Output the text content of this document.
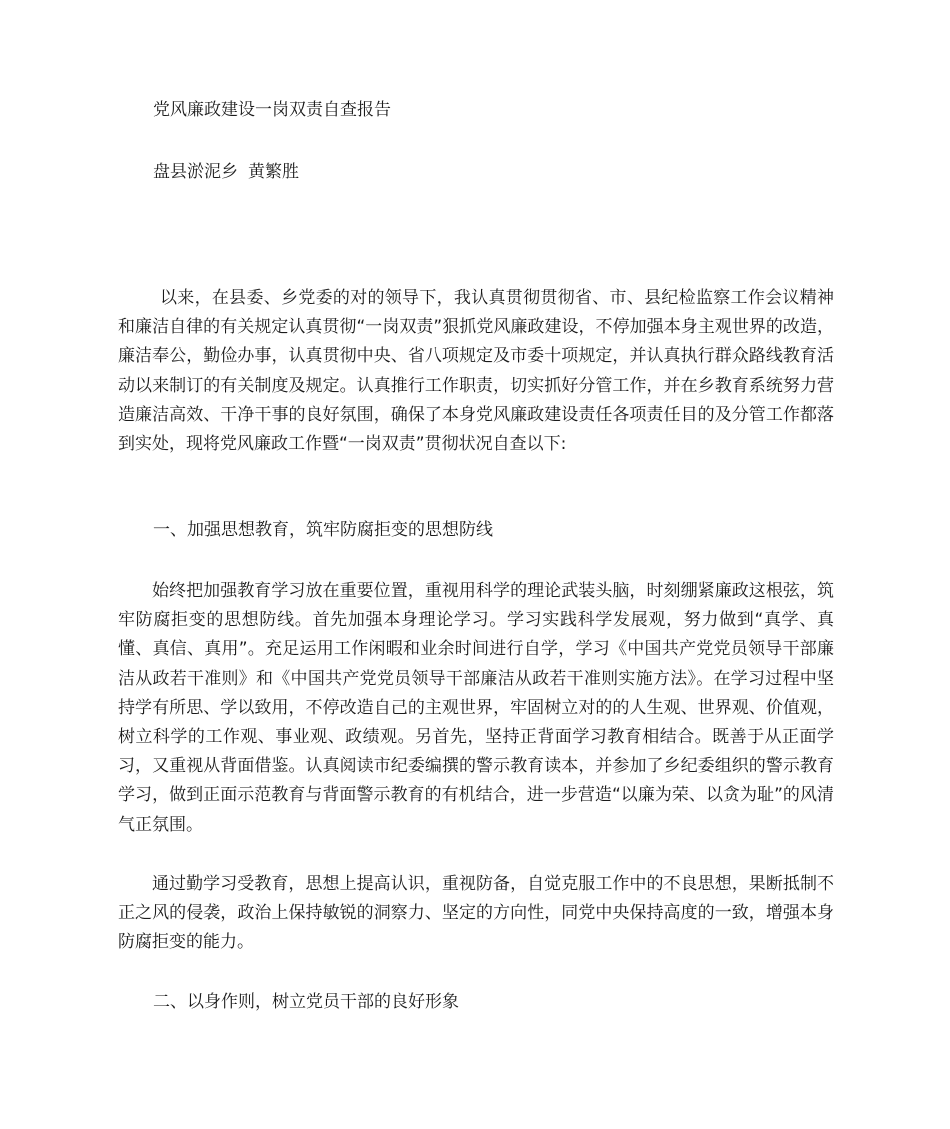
党风廉政建设一岗双责自查报告
盘县淤泥乡 黄繁胜

以来，在县委、乡党委的对的领导下，我认真贯彻贯彻省、市、县纪检监察工作会议精神和廉洁自律的有关规定认真贯彻“一岗双责”狠抓党风廉政建设，不停加强本身主观世界的改造，廉洁奉公，勤俭办事，认真贯彻中央、省八项规定及市委十项规定，并认真执行群众路线教育活动以来制订的有关制度及规定。认真推行工作职责，切实抓好分管工作，并在乡教育系统努力营造廉洁高效、干净干事的良好氛围，确保了本身党风廉政建设责任各项责任目的及分管工作都落到实处，现将党风廉政工作暨“一岗双责”贯彻状况自查以下:

一、加强思想教育，筑牢防腐拒变的思想防线

始终把加强教育学习放在重要位置，重视用科学的理论武装头脑，时刻绷紧廉政这根弦，筑牢防腐拒变的思想防线。首先加强本身理论学习。学习实践科学发展观，努力做到“真学、真懂、真信、真用”。充足运用工作闲暇和业余时间进行自学，学习《中国共产党党员领导干部廉洁从政若干准则》和《中国共产党党员领导干部廉洁从政若干准则实施方法》。在学习过程中坚持学有所思、学以致用，不停改造自己的主观世界，牢固树立对的的人生观、世界观、价值观，树立科学的工作观、事业观、政绩观。另首先，坚持正背面学习教育相结合。既善于从正面学习，又重视从背面借鉴。认真阅读市纪委编撰的警示教育读本，并参加了乡纪委组织的警示教育学习，做到正面示范教育与背面警示教育的有机结合，进一步营造“以廉为荣、以贪为耻”的风清气正氛围。

通过勤学习受教育，思想上提高认识，重视防备，自觉克服工作中的不良思想，果断抵制不正之风的侵袭，政治上保持敏锐的洞察力、坚定的方向性，同党中央保持高度的一致，增强本身防腐拒变的能力。

二、以身作则，树立党员干部的良好形象
